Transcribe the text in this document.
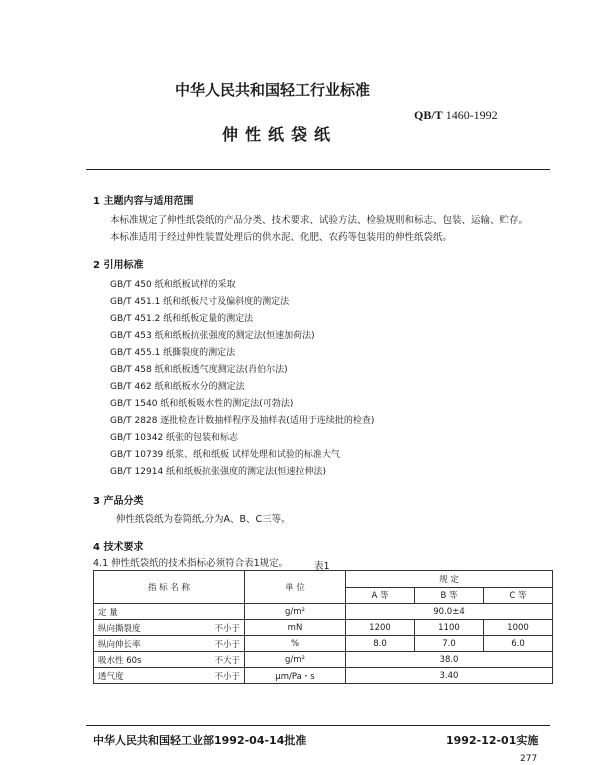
中华人民共和国轻工行业标准
QB/T 1460-1992
伸性纸袋纸
1 主题内容与适用范围
本标准规定了伸性纸袋纸的产品分类、技术要求、试验方法、检验规则和标志、包装、运输、贮存。
本标准适用于经过伸性装置处理后的供水泥、化肥、农药等包装用的伸性纸袋纸。
2 引用标准
GB/T 450 纸和纸板试样的采取
GB/T 451.1 纸和纸板尺寸及偏斜度的测定法
GB/T 451.2 纸和纸板定量的测定法
GB/T 453 纸和纸板抗张强度的测定法(恒速加荷法)
GB/T 455.1 纸撕裂度的测定法
GB/T 458 纸和纸板透气度测定法(肖伯尔法)
GB/T 462 纸和纸板水分的测定法
GB/T 1540 纸和纸板吸水性的测定法(可勃法)
GB/T 2828 逐批检查计数抽样程序及抽样表(适用于连续批的检查)
GB/T 10342 纸张的包装和标志
GB/T 10739 纸浆、纸和纸板 试样处理和试验的标准大气
GB/T 12914 纸和纸板抗张强度的测定法(恒速拉伸法)
3 产品分类
伸性纸袋纸为卷筒纸,分为A、B、C三等。
4 技术要求
4.1 伸性纸袋纸的技术指标必须符合表1规定。	表1
指 标 名 称		单 位	规 定		
			A 等	B 等	C 等
定 量		g/m²	90.0±4		
纵向撕裂度	不小于	mN	1200	1100	1000
纵向伸长率	不小于	%	8.0	7.0	6.0
吸水性 60s	不大于	g/m²	38.0		
透气度	不小于	μm/Pa・s	3.40		
中华人民共和国轻工业部1992-04-14批准	1992-12-01实施
277
